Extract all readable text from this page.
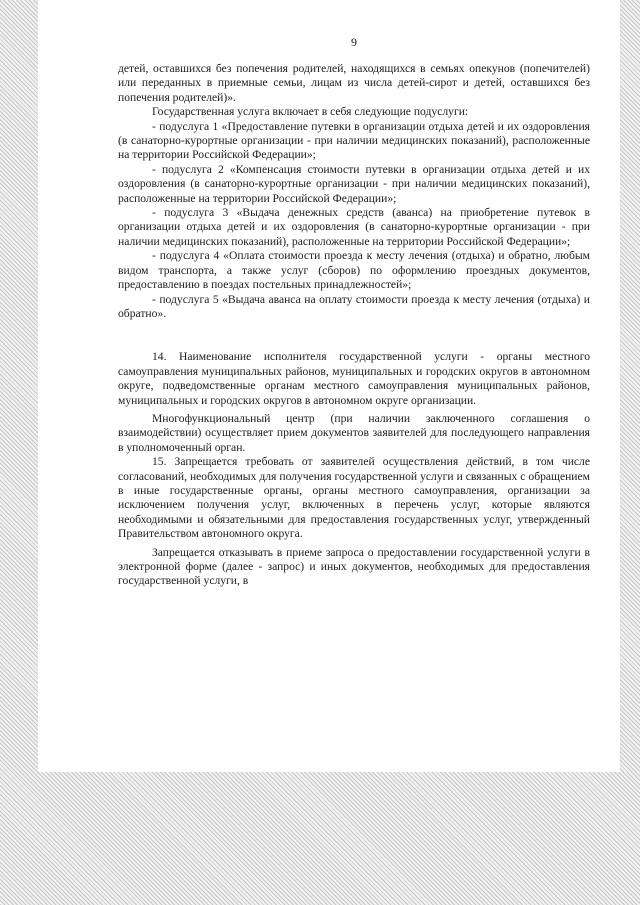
9

детей, оставшихся без попечения родителей, находящихся в семьях опекунов (попечителей) или переданных в приемные семьи, лицам из числа детей-сирот и детей, оставшихся без попечения родителей)».

Государственная услуга включает в себя следующие подуслуги:

- подуслуга 1 «Предоставление путевки в организации отдыха детей и их оздоровления (в санаторно-курортные организации - при наличии медицинских показаний), расположенные на территории Российской Федерации»;

- подуслуга 2 «Компенсация стоимости путевки в организации отдыха детей и их оздоровления (в санаторно-курортные организации - при наличии медицинских показаний), расположенные на территории Российской Федерации»;

- подуслуга 3 «Выдача денежных средств (аванса) на приобретение путевок в организации отдыха детей и их оздоровления (в санаторно-курортные организации - при наличии медицинских показаний), расположенные на территории Российской Федерации»;

- подуслуга 4 «Оплата стоимости проезда к месту лечения (отдыха) и обратно, любым видом транспорта, а также услуг (сборов) по оформлению проездных документов, предоставлению в поездах постельных принадлежностей»;

- подуслуга 5 «Выдача аванса на оплату стоимости проезда к месту лечения (отдыха) и обратно».

14. Наименование исполнителя государственной услуги - органы местного самоуправления муниципальных районов, муниципальных и городских округов в автономном округе, подведомственные органам местного самоуправления муниципальных районов, муниципальных и городских округов в автономном округе организации.

Многофункциональный центр (при наличии заключенного соглашения о взаимодействии) осуществляет прием документов заявителей для последующего направления в уполномоченный орган.

15. Запрещается требовать от заявителей осуществления действий, в том числе согласований, необходимых для получения государственной услуги и связанных с обращением в иные государственные органы, органы местного самоуправления, организации за исключением получения услуг, включенных в перечень услуг, которые являются необходимыми и обязательными для предоставления государственных услуг, утвержденный Правительством автономного округа.

Запрещается отказывать в приеме запроса о предоставлении государственной услуги в электронной форме (далее - запрос) и иных документов, необходимых для предоставления государственной услуги, в
